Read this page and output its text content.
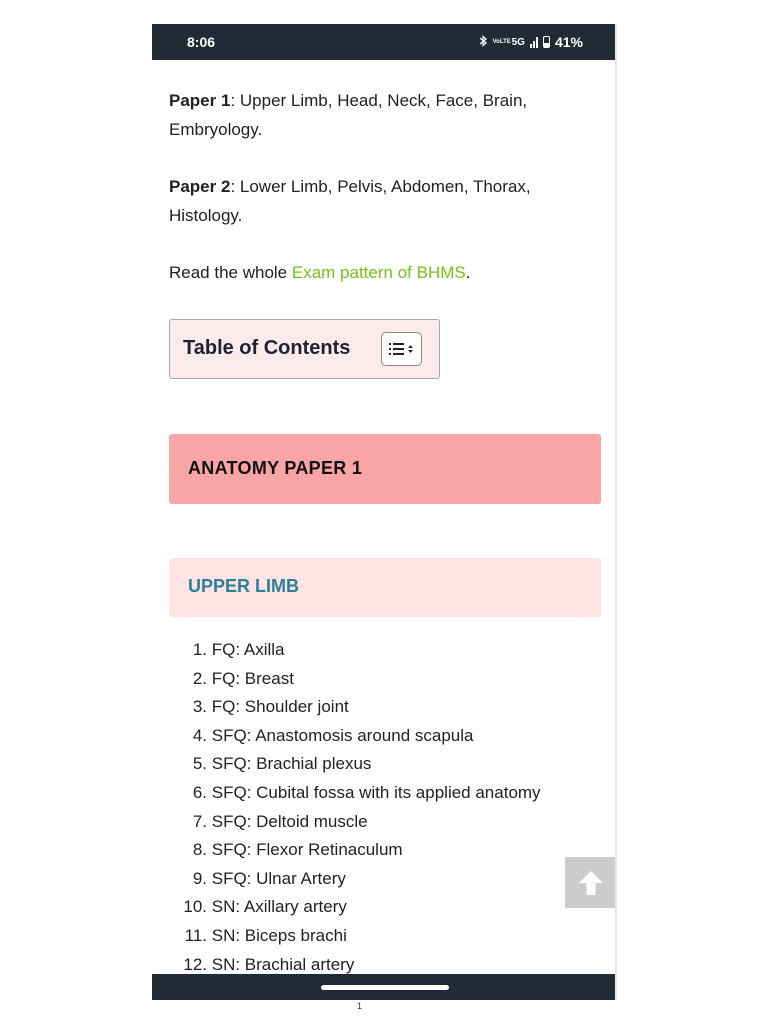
8:06	VoLTE 5G 41%

Paper 1: Upper Limb, Head, Neck, Face, Brain, Embryology.

Paper 2: Lower Limb, Pelvis, Abdomen, Thorax, Histology.

Read the whole Exam pattern of BHMS.

Table of Contents
ANATOMY PAPER 1
UPPER LIMB
1. FQ: Axilla
2. FQ: Breast
3. FQ: Shoulder joint
4. SFQ: Anastomosis around scapula
5. SFQ: Brachial plexus
6. SFQ: Cubital fossa with its applied anatomy
7. SFQ: Deltoid muscle
8. SFQ: Flexor Retinaculum
9. SFQ: Ulnar Artery
10. SN: Axillary artery
11. SN: Biceps brachi
12. SN: Brachial artery
1
